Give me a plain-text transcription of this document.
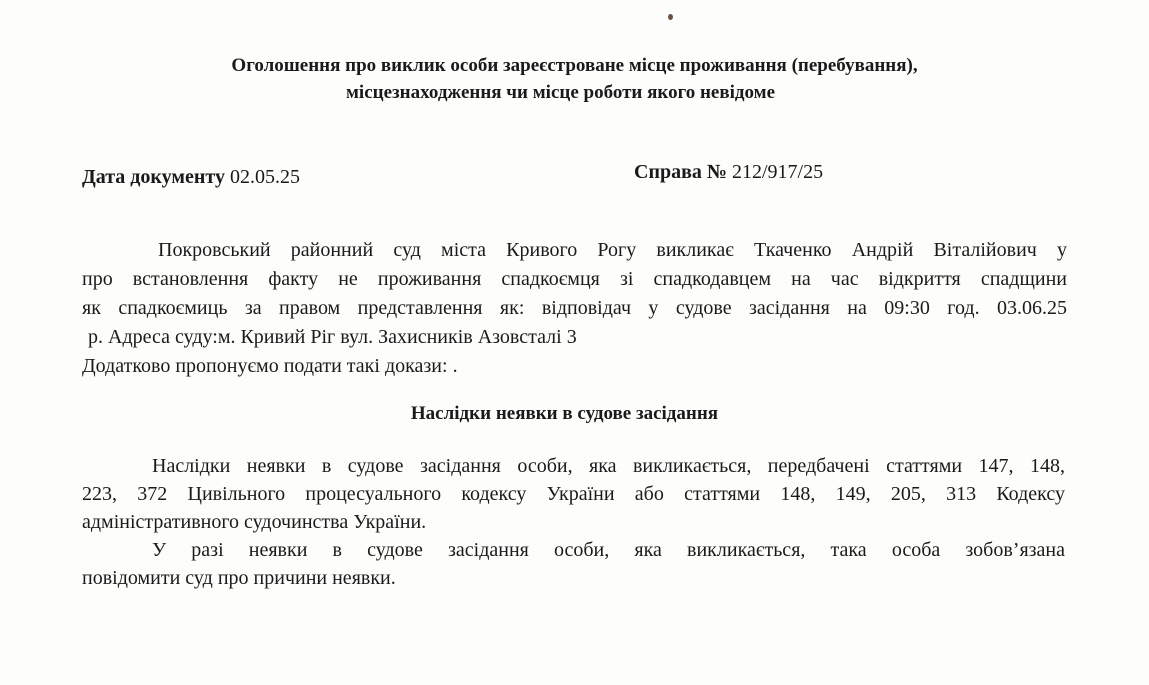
Оголошення про виклик особи зареєстроване місце проживання (перебування),
місцезнаходження чи місце роботи якого невідоме
Дата документу 02.05.25	Справа № 212/917/25
Покровський районний суд міста Кривого Рогу викликає Ткаченко Андрій Віталійович у
про встановлення факту не проживання спадкоємця зі спадкодавцем на час відкриття спадщини
як спадкоємиць за правом представлення як: відповідач у судове засідання на 09:30 год. 03.06.25
р. Адреса суду:м. Кривий Ріг вул. Захисників Азовсталі 3
Додатково пропонуємо подати такі докази: .
Наслідки неявки в судове засідання
Наслідки неявки в судове засідання особи, яка викликається, передбачені статтями 147, 148,
223, 372 Цивільного процесуального кодексу України або статтями 148, 149, 205, 313 Кодексу
адміністративного судочинства України.
У разі неявки в судове засідання особи, яка викликається, така особа зобов’язана
повідомити суд про причини неявки.
